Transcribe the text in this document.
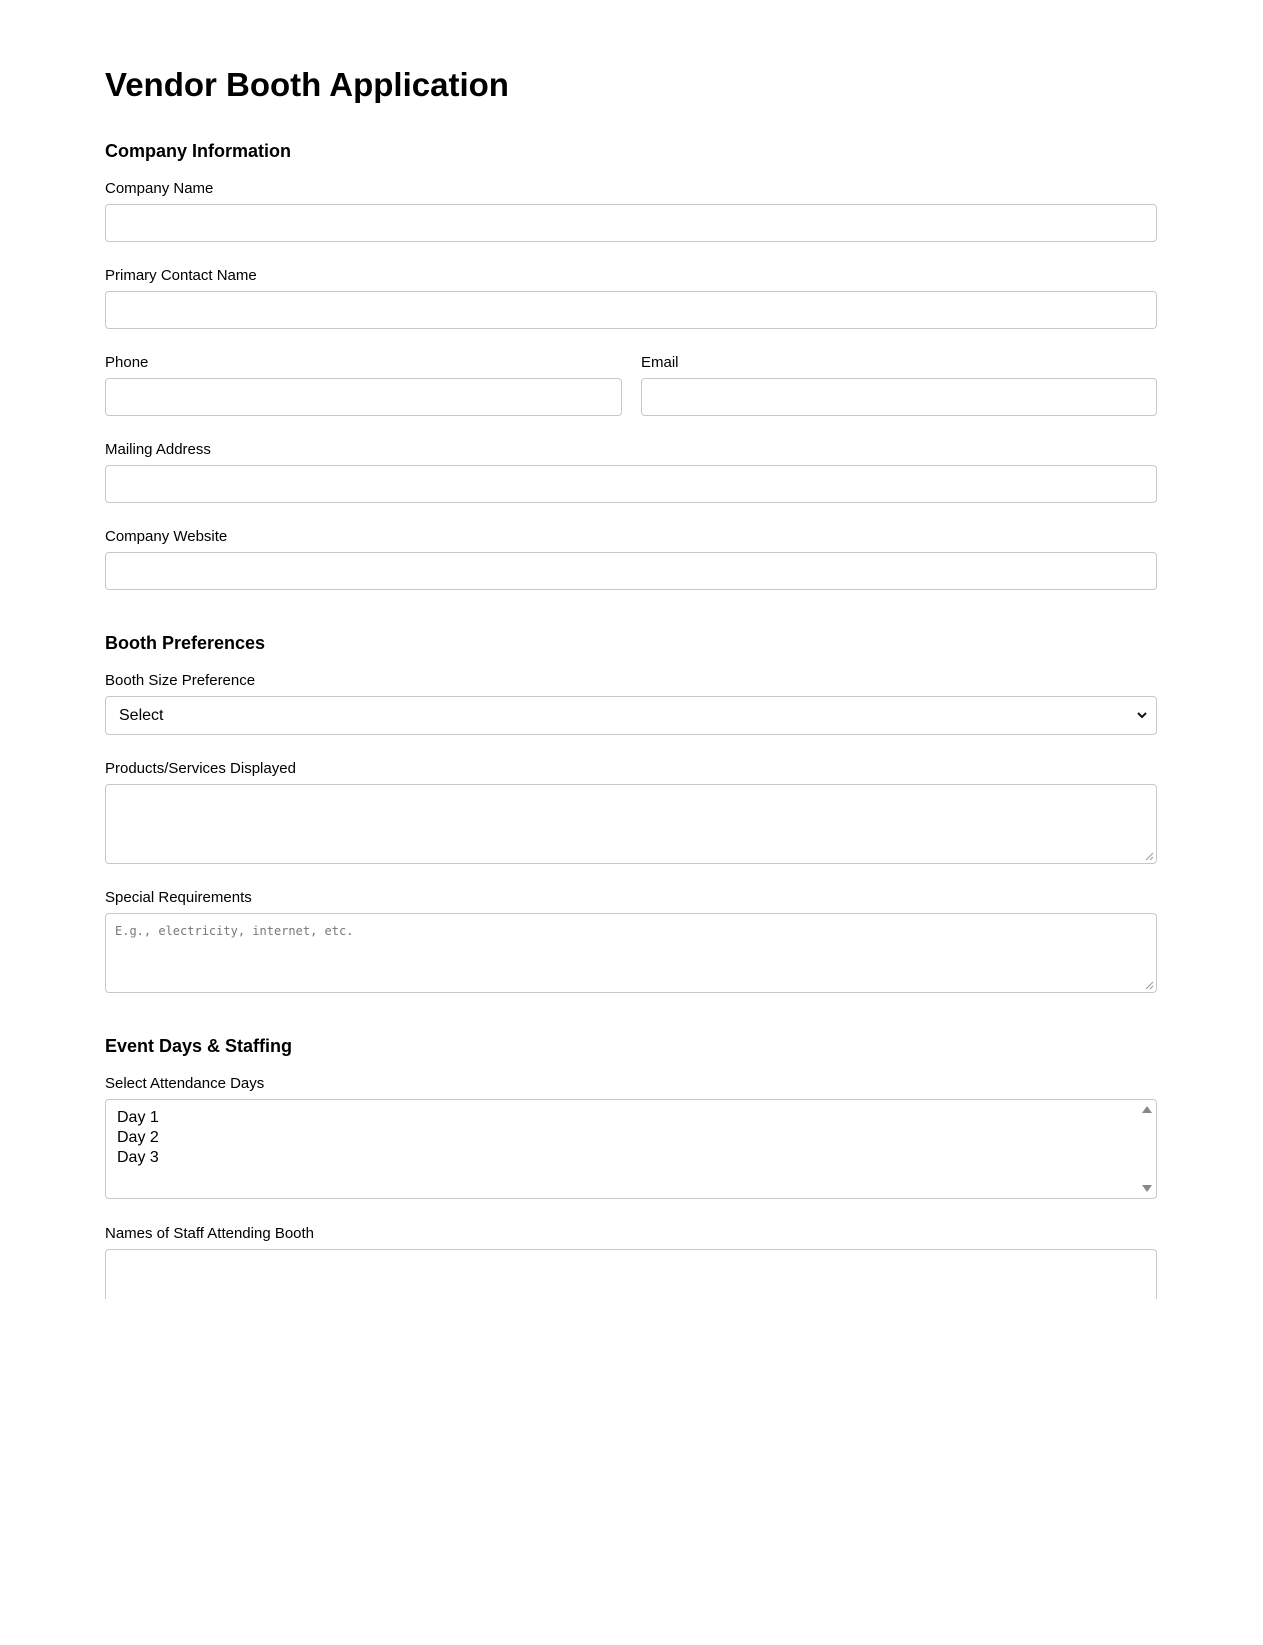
Vendor Booth Application
Company Information
Company Name
Primary Contact Name
Phone	Email
Mailing Address
Company Website
Booth Preferences
Booth Size Preference
Select
Products/Services Displayed
Special Requirements
E.g., electricity, internet, etc.
Event Days & Staffing
Select Attendance Days
Day 1
Day 2
Day 3
Names of Staff Attending Booth
